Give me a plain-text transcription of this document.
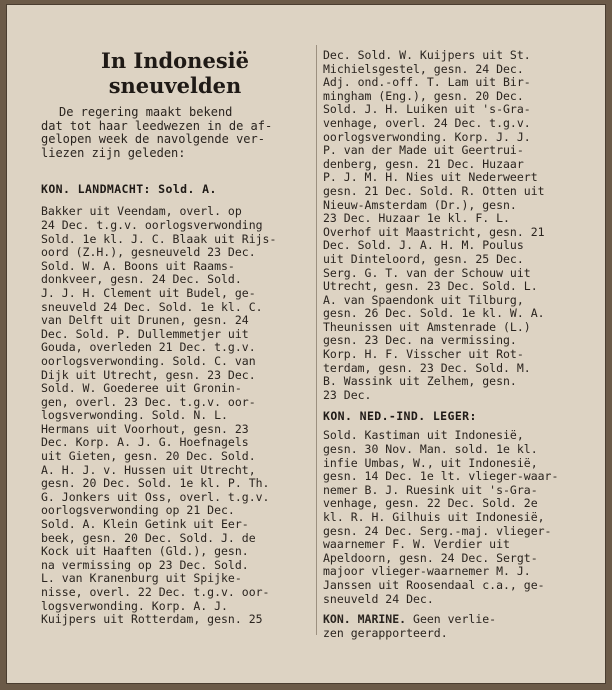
In Indonesië
sneuvelden
De regering maakt bekend
dat tot haar leedwezen in de af-
gelopen week de navolgende ver-
liezen zijn geleden:
KON. LANDMACHT: Sold. A.
Bakker uit Veendam, overl. op
24 Dec. t.g.v. oorlogsverwonding
Sold. 1e kl. J. C. Blaak uit Rijs-
oord (Z.H.), gesneuveld 23 Dec.
Sold. W. A. Boons uit Raams-
donkveer, gesn. 24 Dec. Sold.
J. J. H. Clement uit Budel, ge-
sneuveld 24 Dec. Sold. 1e kl. C.
van Delft uit Drunen, gesn. 24
Dec. Sold. P. Dullemmetjer uit
Gouda, overleden 21 Dec. t.g.v.
oorlogsverwonding. Sold. C. van
Dijk uit Utrecht, gesn. 23 Dec.
Sold. W. Goederee uit Gronin-
gen, overl. 23 Dec. t.g.v. oor-
logsverwonding. Sold. N. L.
Hermans uit Voorhout, gesn. 23
Dec. Korp. A. J. G. Hoefnagels
uit Gieten, gesn. 20 Dec. Sold.
A. H. J. v. Hussen uit Utrecht,
gesn. 20 Dec. Sold. 1e kl. P. Th.
G. Jonkers uit Oss, overl. t.g.v.
oorlogsverwonding op 21 Dec.
Sold. A. Klein Getink uit Eer-
beek, gesn. 20 Dec. Sold. J. de
Kock uit Haaften (Gld.), gesn.
na vermissing op 23 Dec. Sold.
L. van Kranenburg uit Spijke-
nisse, overl. 22 Dec. t.g.v. oor-
logsverwonding. Korp. A. J.
Kuijpers uit Rotterdam, gesn. 25
Dec. Sold. W. Kuijpers uit St.
Michielsgestel, gesn. 24 Dec.
Adj. ond.-off. T. Lam uit Bir-
mingham (Eng.), gesn. 20 Dec.
Sold. J. H. Luiken uit 's-Gra-
venhage, overl. 24 Dec. t.g.v.
oorlogsverwonding. Korp. J. J.
P. van der Made uit Geertrui-
denberg, gesn. 21 Dec. Huzaar
P. J. M. H. Nies uit Nederweert
gesn. 21 Dec. Sold. R. Otten uit
Nieuw-Amsterdam (Dr.), gesn.
23 Dec. Huzaar 1e kl. F. L.
Overhof uit Maastricht, gesn. 21
Dec. Sold. J. A. H. M. Poulus
uit Dinteloord, gesn. 25 Dec.
Serg. G. T. van der Schouw uit
Utrecht, gesn. 23 Dec. Sold. L.
A. van Spaendonk uit Tilburg,
gesn. 26 Dec. Sold. 1e kl. W. A.
Theunissen uit Amstenrade (L.)
gesn. 23 Dec. na vermissing.
Korp. H. F. Visscher uit Rot-
terdam, gesn. 23 Dec. Sold. M.
B. Wassink uit Zelhem, gesn.
23 Dec.
KON. NED.-IND. LEGER:
Sold. Kastiman uit Indonesië,
gesn. 30 Nov. Man. sold. 1e kl.
infie Umbas, W., uit Indonesië,
gesn. 14 Dec. 1e lt. vlieger-waar-
nemer B. J. Ruesink uit 's-Gra-
venhage, gesn. 22 Dec. Sold. 2e
kl. R. H. Gilhuis uit Indonesië,
gesn. 24 Dec. Serg.-maj. vlieger-
waarnemer F. W. Verdier uit
Apeldoorn, gesn. 24 Dec. Sergt-
majoor vlieger-waarnemer M. J.
Janssen uit Roosendaal c.a., ge-
sneuveld 24 Dec.
KON. MARINE. Geen verlie-
zen gerapporteerd.
